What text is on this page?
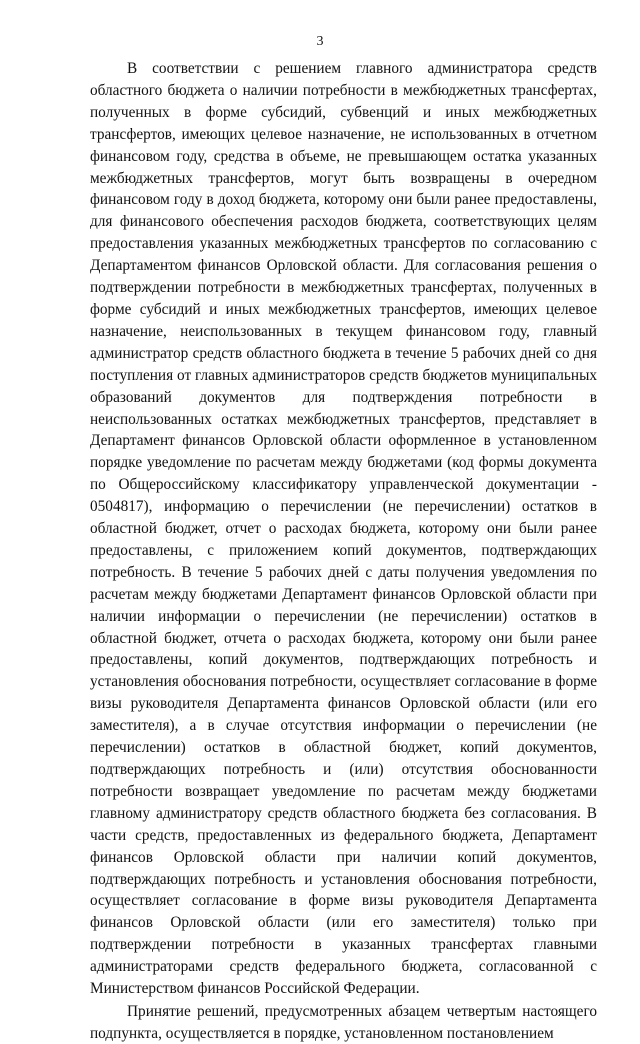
3

В соответствии с решением главного администратора средств областного бюджета о наличии потребности в межбюджетных трансфертах, полученных в форме субсидий, субвенций и иных межбюджетных трансфертов, имеющих целевое назначение, не использованных в отчетном финансовом году, средства в объеме, не превышающем остатка указанных межбюджетных трансфертов, могут быть возвращены в очередном финансовом году в доход бюджета, которому они были ранее предоставлены, для финансового обеспечения расходов бюджета, соответствующих целям предоставления указанных межбюджетных трансфертов по согласованию с Департаментом финансов Орловской области. Для согласования решения о подтверждении потребности в межбюджетных трансфертах, полученных в форме субсидий и иных межбюджетных трансфертов, имеющих целевое назначение, неиспользованных в текущем финансовом году, главный администратор средств областного бюджета в течение 5 рабочих дней со дня поступления от главных администраторов средств бюджетов муниципальных образований документов для подтверждения потребности в неиспользованных остатках межбюджетных трансфертов, представляет в Департамент финансов Орловской области оформленное в установленном порядке уведомление по расчетам между бюджетами (код формы документа по Общероссийскому классификатору управленческой документации - 0504817), информацию о перечислении (не перечислении) остатков в областной бюджет, отчет о расходах бюджета, которому они были ранее предоставлены, с приложением копий документов, подтверждающих потребность. В течение 5 рабочих дней с даты получения уведомления по расчетам между бюджетами Департамент финансов Орловской области при наличии информации о перечислении (не перечислении) остатков в областной бюджет, отчета о расходах бюджета, которому они были ранее предоставлены, копий документов, подтверждающих потребность и установления обоснования потребности, осуществляет согласование в форме визы руководителя Департамента финансов Орловской области (или его заместителя), а в случае отсутствия информации о перечислении (не перечислении) остатков в областной бюджет, копий документов, подтверждающих потребность и (или) отсутствия обоснованности потребности возвращает уведомление по расчетам между бюджетами главному администратору средств областного бюджета без согласования. В части средств, предоставленных из федерального бюджета, Департамент финансов Орловской области при наличии копий документов, подтверждающих потребность и установления обоснования потребности, осуществляет согласование в форме визы руководителя Департамента финансов Орловской области (или его заместителя) только при подтверждении потребности в указанных трансфертах главными администраторами средств федерального бюджета, согласованной с Министерством финансов Российской Федерации.

Принятие решений, предусмотренных абзацем четвертым настоящего подпункта, осуществляется в порядке, установленном постановлением
